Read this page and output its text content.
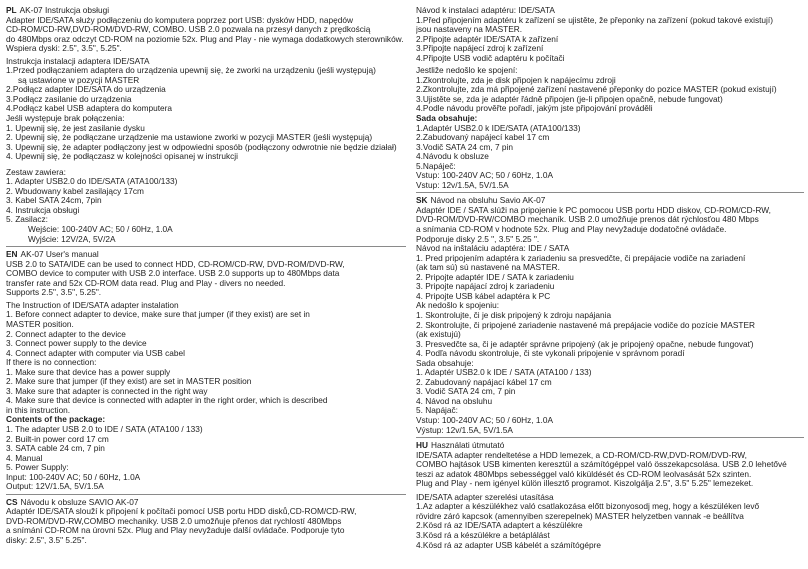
PL AK-07 Instrukcja obsługi
Adapter IDE/SATA służy podłączeniu do komputera poprzez port USB: dysków HDD, napędów
CD-ROM/CD-RW,DVD-ROM/DVD-RW, COMBO. USB 2.0 pozwala na przesył danych z prędkością
do 480Mbps oraz odczyt CD-ROM na poziomie 52x. Plug and Play - nie wymaga dodatkowych sterowników.
Wspiera dyski: 2.5", 3.5", 5.25".
Instrukcja instalacji adaptera IDE/SATA
1.Przed podłączaniem adaptera do urządzenia upewnij się, że zworki na urządzeniu (jeśli występują)
są ustawione w pozycji MASTER
2.Podłącz adapter IDE/SATA do urządzenia
3.Podłącz zasilanie do urządzenia
4.Podłącz kabel USB adaptera do komputera
Jeśli występuje brak połączenia:
1. Upewnij się, że jest zasilanie dysku
2. Upewnij się, że podłączane urządzenie ma ustawione zworki w pozycji MASTER (jeśli występują)
3. Upewnij się, że adapter podłączony jest w odpowiedni sposób (podłączony odwrotnie nie będzie działał)
4. Upewnij się, że podłączasz w kolejności opisanej w instrukcji
Zestaw zawiera:
1. Adapter USB2.0 do IDE/SATA (ATA100/133)
2. Wbudowany kabel zasilający 17cm
3. Kabel SATA 24cm, 7pin
4. Instrukcja obsługi
5. Zasilacz:
Wejście: 100-240V AC; 50 / 60Hz, 1.0A
Wyjście: 12V/2A, 5V/2A
EN AK-07 User's manual
USB 2.0 to SATA/IDE can be used to connect HDD, CD-ROM/CD-RW, DVD-ROM/DVD-RW,
COMBO device to computer with USB 2.0 interface. USB 2.0 supports up to 480Mbps data
transfer rate and 52x CD-ROM data read. Plug and Play - divers no needed.
Supports 2.5", 3.5", 5.25".
The Instruction of IDE/SATA adapter instalation
1. Before connect adapter to device, make sure that jumper (if they exist) are set in
MASTER position.
2. Connect adapter to the device
3. Connect power supply to the device
4. Connect adapter with computer via USB cabel
If there is no connection:
1. Make sure that device has a power supply
2. Make sure that jumper (if they exist) are set in MASTER position
3. Make sure that adapter is connected in the right way
4. Make sure that device is connected with adapter in the right order, which is described
in this instruction.
Contents of the package:
1. The adapter USB 2.0 to IDE / SATA (ATA100 / 133)
2. Built-in power cord 17 cm
3. SATA cable 24 cm, 7 pin
4. Manual
5. Power Supply:
Input: 100-240V AC; 50 / 60Hz, 1.0A
Output: 12V/1.5A, 5V/1.5A
CS Návodu k obsluze SAVIO AK-07
Adaptér IDE/SATA slouží k připojení k počítači pomocí USB portu HDD disků,CD-ROM/CD-RW,
DVD-ROM/DVD-RW,COMBO mechaniky. USB 2.0 umožňuje přenos dat rychlostí 480Mbps
a snímání CD-ROM na úrovni 52x. Plug and Play nevyžaduje další ovládače. Podporuje tyto
disky: 2.5", 3.5" 5.25".
Návod k instalaci adaptéru: IDE/SATA
1.Před připojením adaptéru k zařízení se ujistěte, že přeponky na zařízení (pokud takové existují)
jsou nastaveny na MASTER.
2.Připojte adaptér IDE/SATA k zařízení
3.Připojte napájecí zdroj k zařízení
4.Připojte USB vodič adaptéru k počítači
Jestliže nedošlo ke spojení:
1.Zkontrolujte, zda je disk připojen k napájecímu zdroji
2.Zkontrolujte, zda má připojené zařízení nastavené přeponky do pozice MASTER (pokud existují)
3.Ujistěte se, zda je adaptér řádně připojen (je-li připojen opačně, nebude fungovat)
4.Podle návodu prověřte pořadí, jakým jste připojování prováděli
Sada obsahuje:
1.Adaptér USB2.0 k IDE/SATA (ATA100/133)
2.Zabudovaný napájecí kabel 17 cm
3.Vodič SATA 24 cm, 7 pin
4.Návodu k obsluze
5.Napáječ:
Vstup: 100-240V AC; 50 / 60Hz, 1.0A
Vstup: 12v/1.5A, 5V/1.5A
SK Návod na obsluhu Savio AK-07
Adaptér IDE / SATA slúži na pripojenie k PC pomocou USB portu HDD diskov, CD-ROM/CD-RW,
DVD-ROM/DVD-RW/COMBO mechaník. USB 2.0 umožňuje prenos dát rýchlosťou 480 Mbps
a snímania CD-ROM v hodnote 52x. Plug and Play nevyžaduje dodatočné ovládače.
Podporuje disky 2.5 ", 3.5" 5.25 ".
Návod na inštaláciu adaptéra: IDE / SATA
1. Pred pripojením adaptéra k zariadeniu sa presvedčte, či prepájacie vodiče na zariadení
(ak tam sú) sú nastavené na MASTER.
2. Pripojte adaptér IDE / SATA k zariadeniu
3. Pripojte napájací zdroj k zariadeniu
4. Pripojte USB kábel adaptéra k PC
Ak nedošlo k spojeniu:
1. Skontrolujte, či je disk pripojený k zdroju napájania
2. Skontrolujte, či pripojené zariadenie nastavené má prepájacie vodiče do pozície MASTER
(ak existujú)
3. Presvedčte sa, či je adaptér správne pripojený (ak je pripojený opačne, nebude fungovať)
4. Podľa návodu skontroluje, či ste vykonali pripojenie v správnom poradí
Sada obsahuje:
1. Adaptér USB2.0 k IDE / SATA (ATA100 / 133)
2. Zabudovaný napájací kábel 17 cm
3. Vodič SATA 24 cm, 7 pin
4. Návod na obsluhu
5. Napájač:
Vstup: 100-240V AC; 50 / 60Hz, 1.0A
Výstup: 12v/1.5A, 5V/1.5A
HU Használati útmutató
IDE/SATA adapter rendeltetése a HDD lemezek, a CD-ROM/CD-RW,DVD-ROM/DVD-RW,
COMBO hajtások USB kimenten keresztül a számítógéppel való összekapcsolása. USB 2.0 lehetővé
teszi az adatok 480Mbps sebességgel való kiküldését és CD-ROM leolvasását 52x szinten.
Plug and Play - nem igényel külön illesztő programot. Kiszolgálja 2.5", 3.5" 5.25" lemezeket.
IDE/SATA adapter szerelési utasítása
1.Az adapter a készülékhez való csatlakozása előtt bizonyosodj meg, hogy a készüléken levő
rövidre záró kapcsok (amennyiben szerepelnek) MASTER helyzetben vannak -e beállítva
2.Kösd rá az IDE/SATA adaptert a készülékre
3.Kösd rá a készülékre a betáplálást
4.Kösd rá az adapter USB kábelét a számítógépre
